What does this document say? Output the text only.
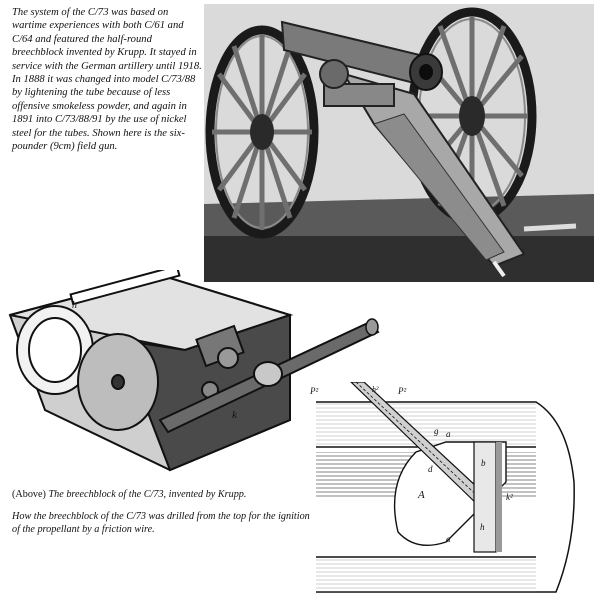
The system of the C/73 was based on wartime experiences with both C/61 and C/64 and featured the half-round breechblock invented by Krupp. It stayed in service with the German artillery until 1918. In 1888 it was changed into model C/73/88 by lightening the tube because of less offensive smokeless powder, and again in 1891 into C/73/88/91 by the use of nickel steel for the tubes. Shown here is the six-pounder (9cm) field gun.

k
h

(Above) The breechblock of the C/73, invented by Krupp.

How the breechblock of the C/73 was drilled from the top for the ignition of the propellant by a friction wire.

P²	P²
h²
g a
d
b
A	k²
h
a
